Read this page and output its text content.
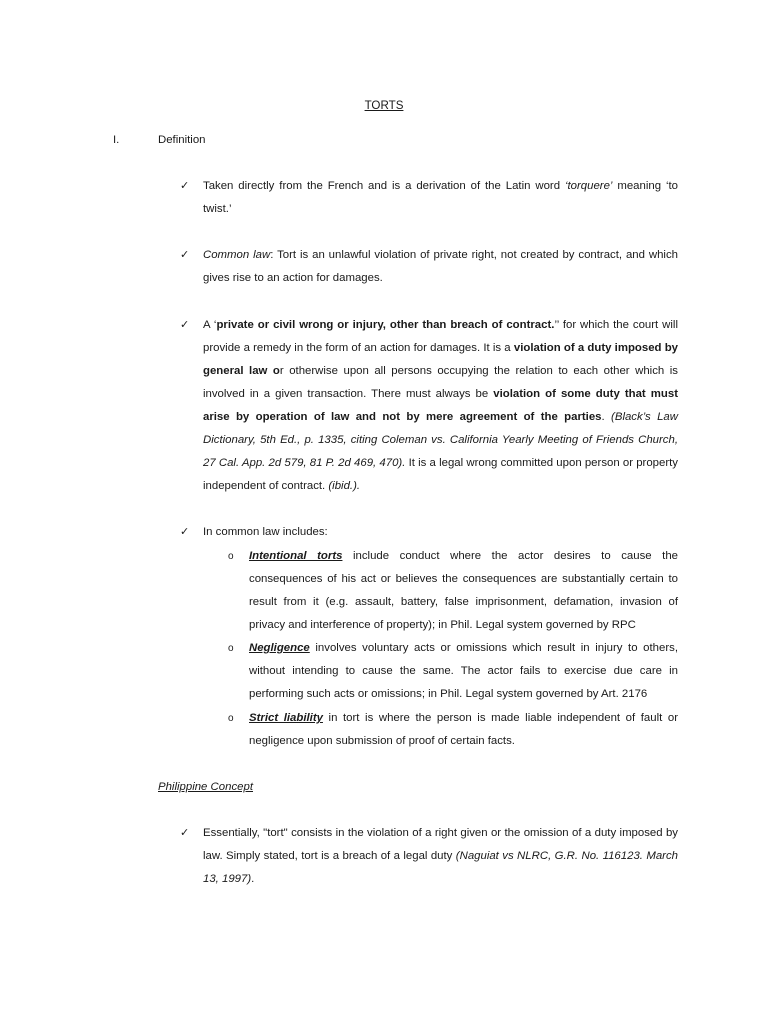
TORTS
I.	Definition
✓ Taken directly from the French and is a derivation of the Latin word ‘torquere’ meaning ‘to twist.’
✓ Common law: Tort is an unlawful violation of private right, not created by contract, and which gives rise to an action for damages.
✓ A ‘private or civil wrong or injury, other than breach of contract.’’ for which the court will provide a remedy in the form of an action for damages. It is a violation of a duty imposed by general law or otherwise upon all persons occupying the relation to each other which is involved in a given transaction. There must always be violation of some duty that must arise by operation of law and not by mere agreement of the parties. (Black’s Law Dictionary, 5th Ed., p. 1335, citing Coleman vs. California Yearly Meeting of Friends Church, 27 Cal. App. 2d 579, 81 P. 2d 469, 470). It is a legal wrong committed upon person or property independent of contract. (ibid.).
✓ In common law includes:
o Intentional torts include conduct where the actor desires to cause the consequences of his act or believes the consequences are substantially certain to result from it (e.g. assault, battery, false imprisonment, defamation, invasion of privacy and interference of property); in Phil. Legal system governed by RPC
o Negligence involves voluntary acts or omissions which result in injury to others, without intending to cause the same. The actor fails to exercise due care in performing such acts or omissions; in Phil. Legal system governed by Art. 2176
o Strict liability in tort is where the person is made liable independent of fault or negligence upon submission of proof of certain facts.
Philippine Concept
✓ Essentially, "tort" consists in the violation of a right given or the omission of a duty imposed by law. Simply stated, tort is a breach of a legal duty (Naguiat vs NLRC, G.R. No. 116123. March 13, 1997).
